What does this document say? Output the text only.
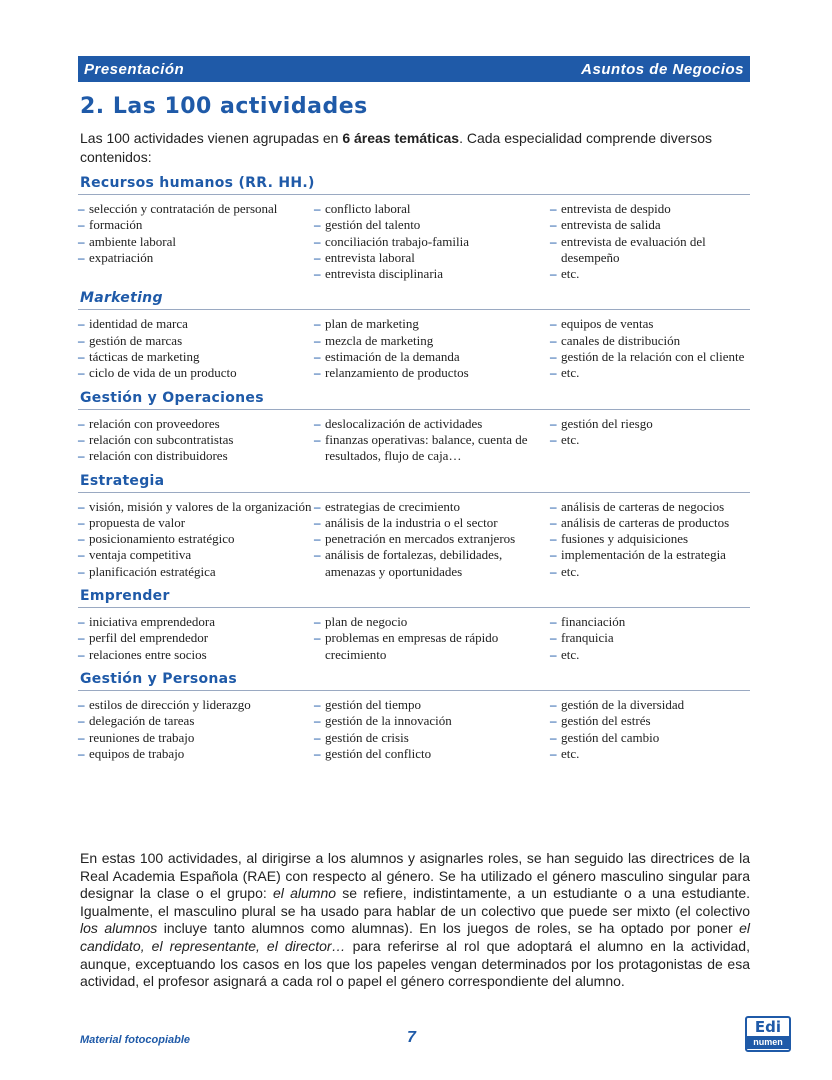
Presentación	Asuntos de Negocios
2. Las 100 actividades
Las 100 actividades vienen agrupadas en 6 áreas temáticas. Cada especialidad comprende diversos contenidos:
Recursos humanos (RR. HH.)
– selección y contratación de personal
– formación
– ambiente laboral
– expatriación
– conflicto laboral
– gestión del talento
– conciliación trabajo-familia
– entrevista laboral
– entrevista disciplinaria
– entrevista de despido
– entrevista de salida
– entrevista de evaluación del desempeño
– etc.
Marketing
– identidad de marca
– gestión de marcas
– tácticas de marketing
– ciclo de vida de un producto
– plan de marketing
– mezcla de marketing
– estimación de la demanda
– relanzamiento de productos
– equipos de ventas
– canales de distribución
– gestión de la relación con el cliente
– etc.
Gestión y Operaciones
– relación con proveedores
– relación con subcontratistas
– relación con distribuidores
– deslocalización de actividades
– finanzas operativas: balance, cuenta de resultados, flujo de caja…
– gestión del riesgo
– etc.
Estrategia
– visión, misión y valores de la organización
– propuesta de valor
– posicionamiento estratégico
– ventaja competitiva
– planificación estratégica
– estrategias de crecimiento
– análisis de la industria o el sector
– penetración en mercados extranjeros
– análisis de fortalezas, debilidades, amenazas y oportunidades
– análisis de carteras de negocios
– análisis de carteras de productos
– fusiones y adquisiciones
– implementación de la estrategia
– etc.
Emprender
– iniciativa emprendedora
– perfil del emprendedor
– relaciones entre socios
– plan de negocio
– problemas en empresas de rápido crecimiento
– financiación
– franquicia
– etc.
Gestión y Personas
– estilos de dirección y liderazgo
– delegación de tareas
– reuniones de trabajo
– equipos de trabajo
– gestión del tiempo
– gestión de la innovación
– gestión de crisis
– gestión del conflicto
– gestión de la diversidad
– gestión del estrés
– gestión del cambio
– etc.
En estas 100 actividades, al dirigirse a los alumnos y asignarles roles, se han seguido las directrices de la Real Academia Española (RAE) con respecto al género. Se ha utilizado el género masculino singular para designar la clase o el grupo: el alumno se refiere, indistintamente, a un estudiante o a una estudiante. Igualmente, el masculino plural se ha usado para hablar de un colectivo que puede ser mixto (el colectivo los alumnos incluye tanto alumnos como alumnas). En los juegos de roles, se ha optado por poner el candidato, el representante, el director… para referirse al rol que adoptará el alumno en la actividad, aunque, exceptuando los casos en los que los papeles vengan determinados por los protagonistas de esa actividad, el profesor asignará a cada rol o papel el género correspondiente del alumno.
Material fotocopiable	7
Edi
numen
